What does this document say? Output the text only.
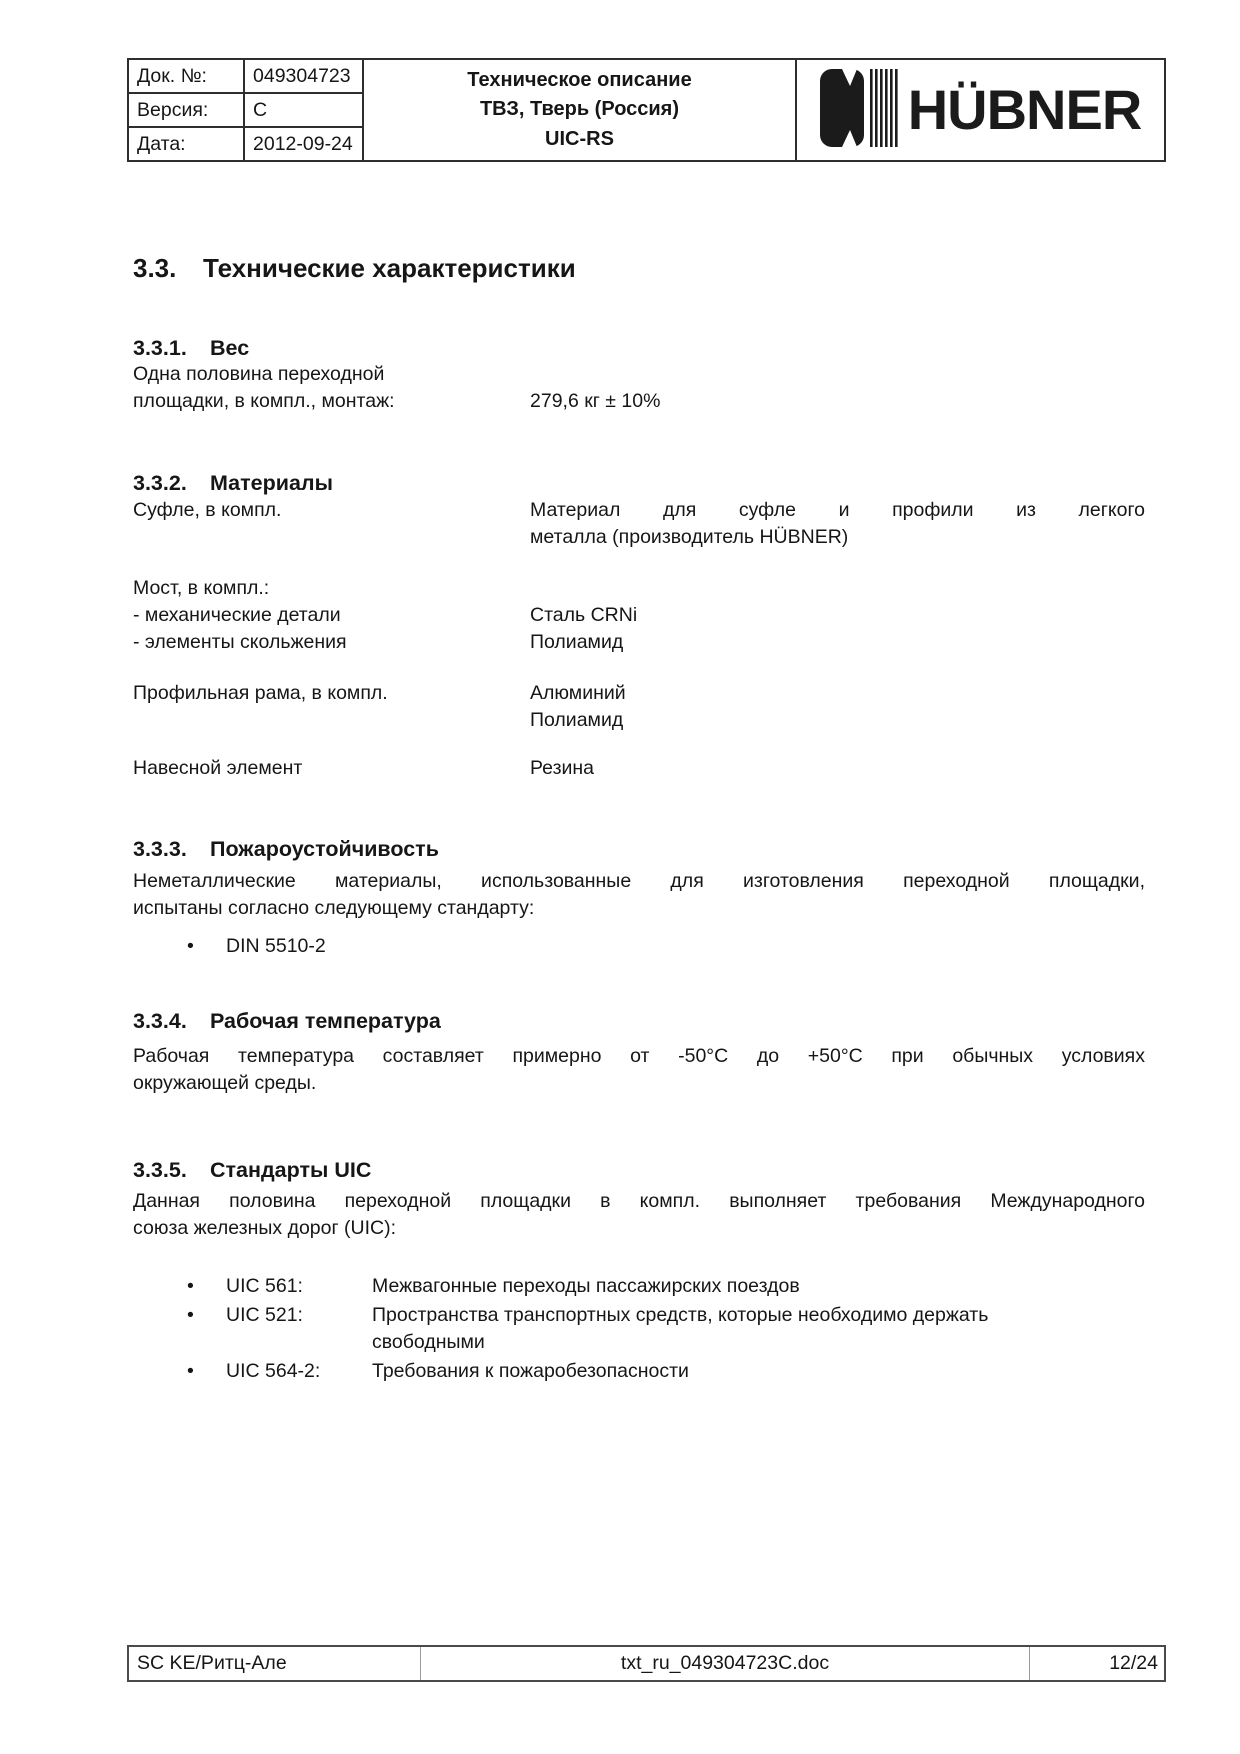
Док. №:	049304723
Версия:	C
Дата:	2012-09-24
Техническое описание
ТВЗ, Тверь (Россия)
UIC-RS	HÜBNER
3.3.	Технические характеристики
3.3.1.	Вес
Одна половина переходной
площадки, в компл., монтаж:	279,6 кг ± 10%
3.3.2.	Материалы
Суфле, в компл.	Материал для суфле и профили из легкого
металла (производитель HÜBNER)
Мост, в компл.:
- механические детали	Сталь CRNi
- элементы скольжения	Полиамид
Профильная рама, в компл.	Алюминий
Полиамид
Навесной элемент	Резина
3.3.3.	Пожароустойчивость
Неметаллические материалы, использованные для изготовления переходной площадки,
испытаны согласно следующему стандарту:
•	DIN 5510-2
3.3.4.	Рабочая температура
Рабочая температура составляет примерно от -50°C до +50°C при обычных условиях
окружающей среды.
3.3.5.	Стандарты UIC
Данная половина переходной площадки в компл. выполняет требования Международного
союза железных дорог (UIC):
•	UIC 561:	Межвагонные переходы пассажирских поездов
•	UIC 521:	Пространства транспортных средств, которые необходимо держать
свободными
•	UIC 564-2:	Требования к пожаробезопасности
SC KE/Ритц-Але	txt_ru_049304723C.doc	12/24
